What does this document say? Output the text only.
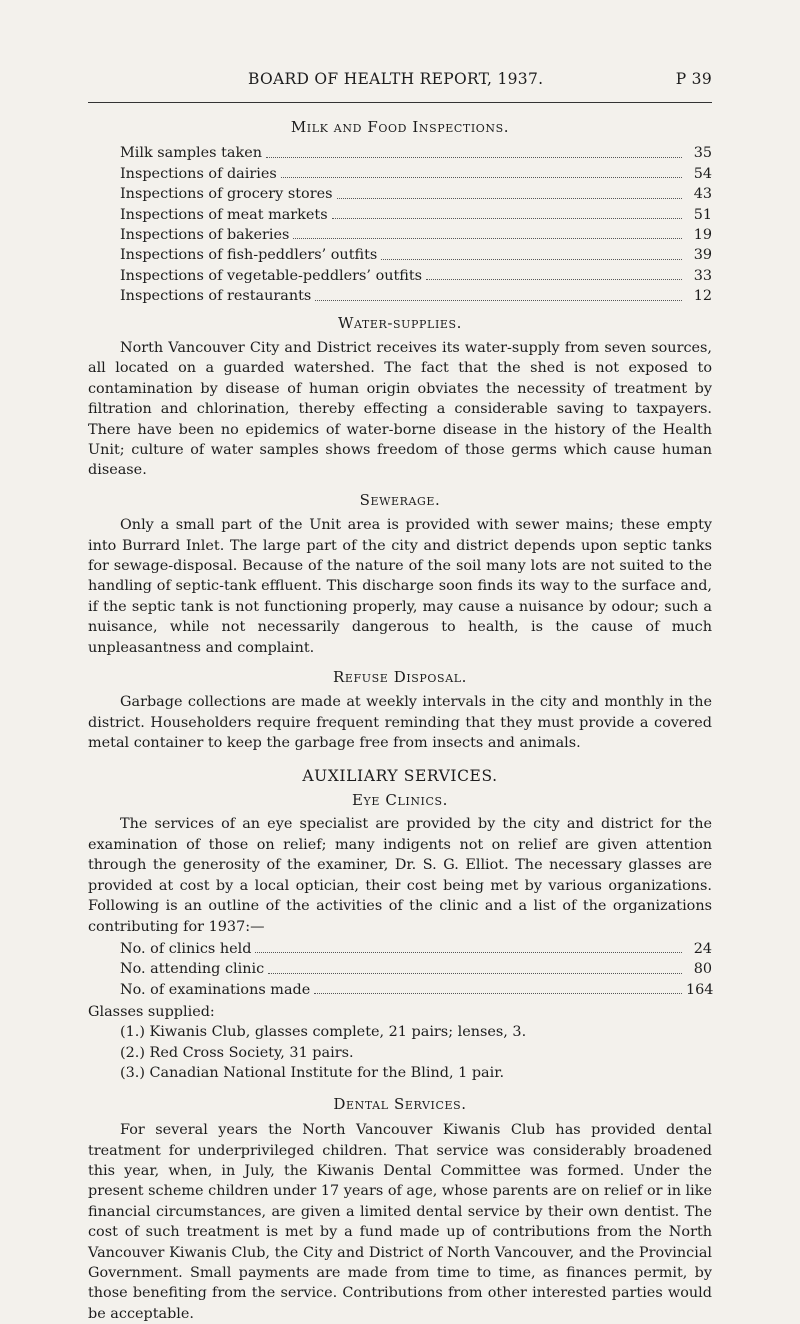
BOARD OF HEALTH REPORT, 1937.	P 39

Milk and Food Inspections.

Milk samples taken	35
Inspections of dairies	54
Inspections of grocery stores	43
Inspections of meat markets	51
Inspections of bakeries	19
Inspections of fish-peddlers’ outfits	39
Inspections of vegetable-peddlers’ outfits	33
Inspections of restaurants	12

Water-supplies.

North Vancouver City and District receives its water-supply from seven sources, all located on a guarded watershed. The fact that the shed is not exposed to contamination by disease of human origin obviates the necessity of treatment by filtration and chlorination, thereby effecting a considerable saving to taxpayers. There have been no epidemics of water-borne disease in the history of the Health Unit; culture of water samples shows freedom of those germs which cause human disease.

Sewerage.

Only a small part of the Unit area is provided with sewer mains; these empty into Burrard Inlet. The large part of the city and district depends upon septic tanks for sewage-disposal. Because of the nature of the soil many lots are not suited to the handling of septic-tank effluent. This discharge soon finds its way to the surface and, if the septic tank is not functioning properly, may cause a nuisance by odour; such a nuisance, while not necessarily dangerous to health, is the cause of much unpleasantness and complaint.

Refuse Disposal.

Garbage collections are made at weekly intervals in the city and monthly in the district. Householders require frequent reminding that they must provide a covered metal container to keep the garbage free from insects and animals.

AUXILIARY SERVICES.

Eye Clinics.

The services of an eye specialist are provided by the city and district for the examination of those on relief; many indigents not on relief are given attention through the generosity of the examiner, Dr. S. G. Elliot. The necessary glasses are provided at cost by a local optician, their cost being met by various organizations. Following is an outline of the activities of the clinic and a list of the organizations contributing for 1937:—

No. of clinics held	24
No. attending clinic	80
No. of examinations made	164

Glasses supplied:

(1.) Kiwanis Club, glasses complete, 21 pairs; lenses, 3.

(2.) Red Cross Society, 31 pairs.

(3.) Canadian National Institute for the Blind, 1 pair.

Dental Services.

For several years the North Vancouver Kiwanis Club has provided dental treatment for underprivileged children. That service was considerably broadened this year, when, in July, the Kiwanis Dental Committee was formed. Under the present scheme children under 17 years of age, whose parents are on relief or in like financial circumstances, are given a limited dental service by their own dentist. The cost of such treatment is met by a fund made up of contributions from the North Vancouver Kiwanis Club, the City and District of North Vancouver, and the Provincial Government. Small payments are made from time to time, as finances permit, by those benefiting from the service. Contributions from other interested parties would be acceptable.
